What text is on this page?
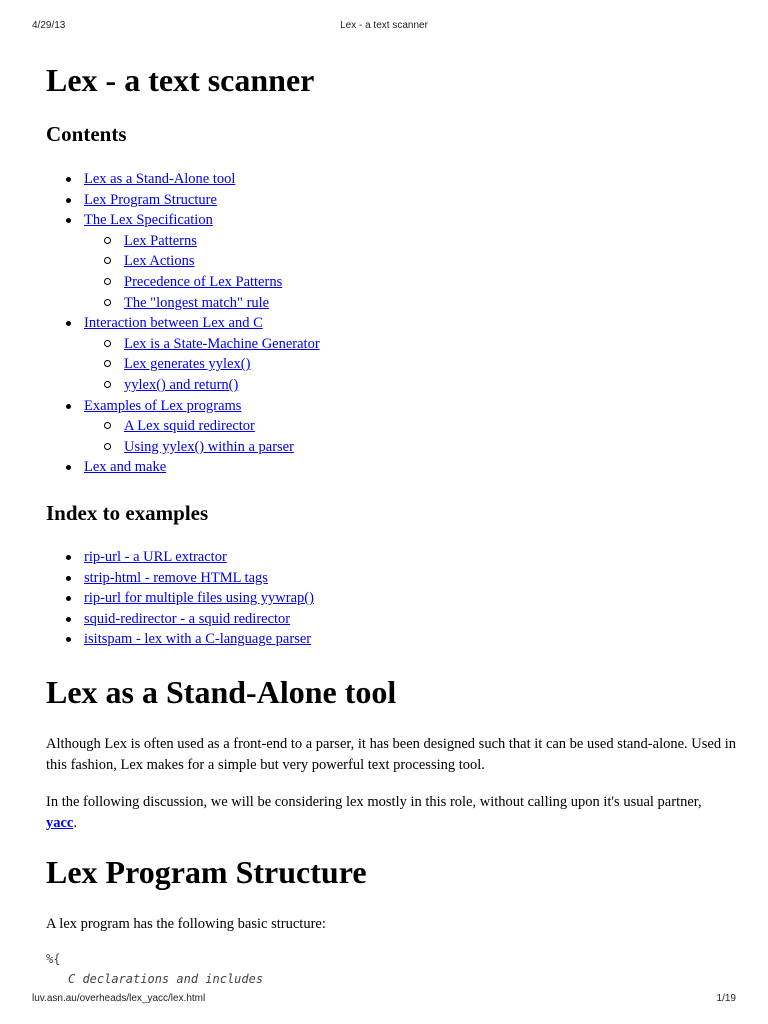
4/29/13	Lex - a text scanner
Lex - a text scanner
Contents
Lex as a Stand-Alone tool
Lex Program Structure
The Lex Specification
Lex Patterns
Lex Actions
Precedence of Lex Patterns
The "longest match" rule
Interaction between Lex and C
Lex is a State-Machine Generator
Lex generates yylex()
yylex() and return()
Examples of Lex programs
A Lex squid redirector
Using yylex() within a parser
Lex and make
Index to examples
rip-url - a URL extractor
strip-html - remove HTML tags
rip-url for multiple files using yywrap()
squid-redirector - a squid redirector
isitspam - lex with a C-language parser
Lex as a Stand-Alone tool

Although Lex is often used as a front-end to a parser, it has been designed such that it can be used stand-alone. Used in this fashion, Lex makes for a simple but very powerful text processing tool.

In the following discussion, we will be considering lex mostly in this role, without calling upon it's usual partner, yacc.

Lex Program Structure

A lex program has the following basic structure:

%{
C declarations and includes
luv.asn.au/overheads/lex_yacc/lex.html	1/19
